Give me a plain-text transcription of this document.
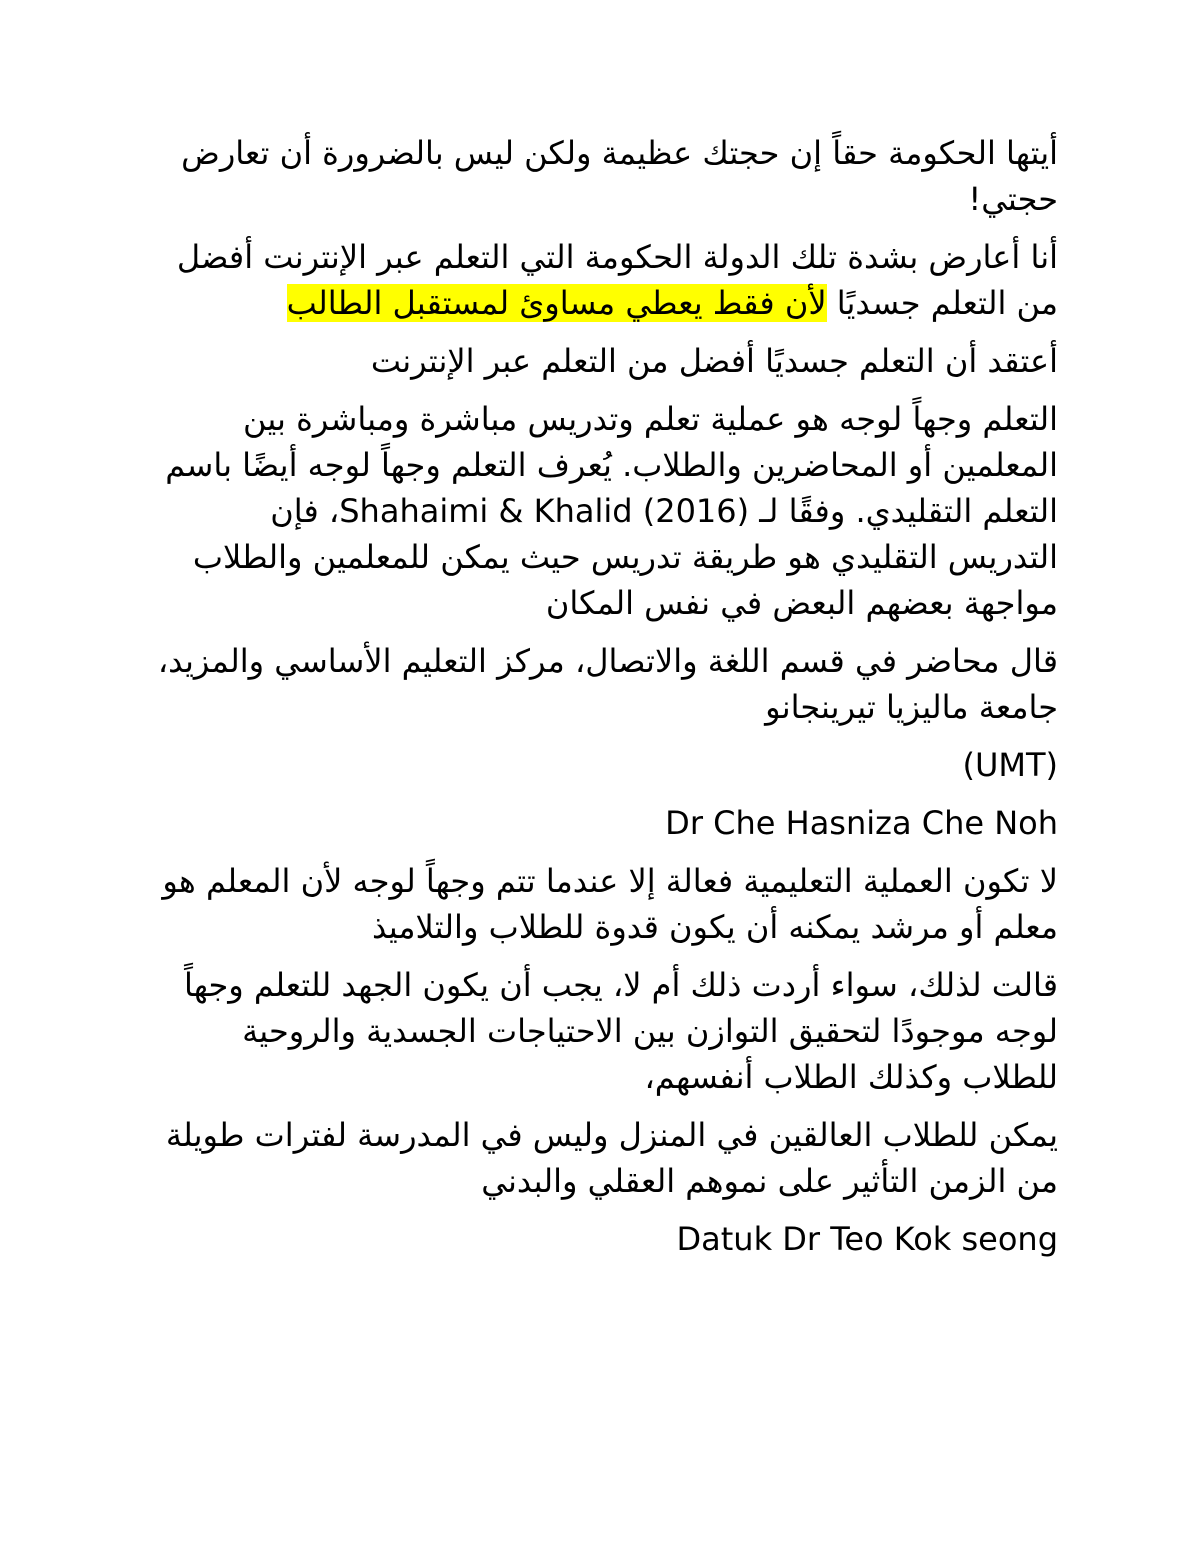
أيتها الحكومة حقاً إن حجتك عظيمة ولكن ليس بالضرورة أن تعارض حجتي!

أنا أعارض بشدة تلك الدولة الحكومة التي التعلم عبر الإنترنت أفضل من التعلم جسديًا لأن فقط يعطي مساوئ لمستقبل الطالب

أعتقد أن التعلم جسديًا أفضل من التعلم عبر الإنترنت

التعلم وجهاً لوجه هو عملية تعلم وتدريس مباشرة ومباشرة بين المعلمين أو المحاضرين والطلاب. يُعرف التعلم وجهاً لوجه أيضًا باسم التعلم التقليدي. وفقًا لـ Shahaimi & Khalid (2016)، فإن التدريس التقليدي هو طريقة تدريس حيث يمكن للمعلمين والطلاب مواجهة بعضهم البعض في نفس المكان

قال محاضر في قسم اللغة والاتصال، مركز التعليم الأساسي والمزيد، جامعة ماليزيا تيرينجانو

(UMT)

Dr Che Hasniza Che Noh

لا تكون العملية التعليمية فعالة إلا عندما تتم وجهاً لوجه لأن المعلم هو معلم أو مرشد يمكنه أن يكون قدوة للطلاب والتلاميذ

قالت لذلك، سواء أردت ذلك أم لا، يجب أن يكون الجهد للتعلم وجهاً لوجه موجودًا لتحقيق التوازن بين الاحتياجات الجسدية والروحية للطلاب وكذلك الطلاب أنفسهم،

يمكن للطلاب العالقين في المنزل وليس في المدرسة لفترات طويلة من الزمن التأثير على نموهم العقلي والبدني

Datuk Dr Teo Kok seong
